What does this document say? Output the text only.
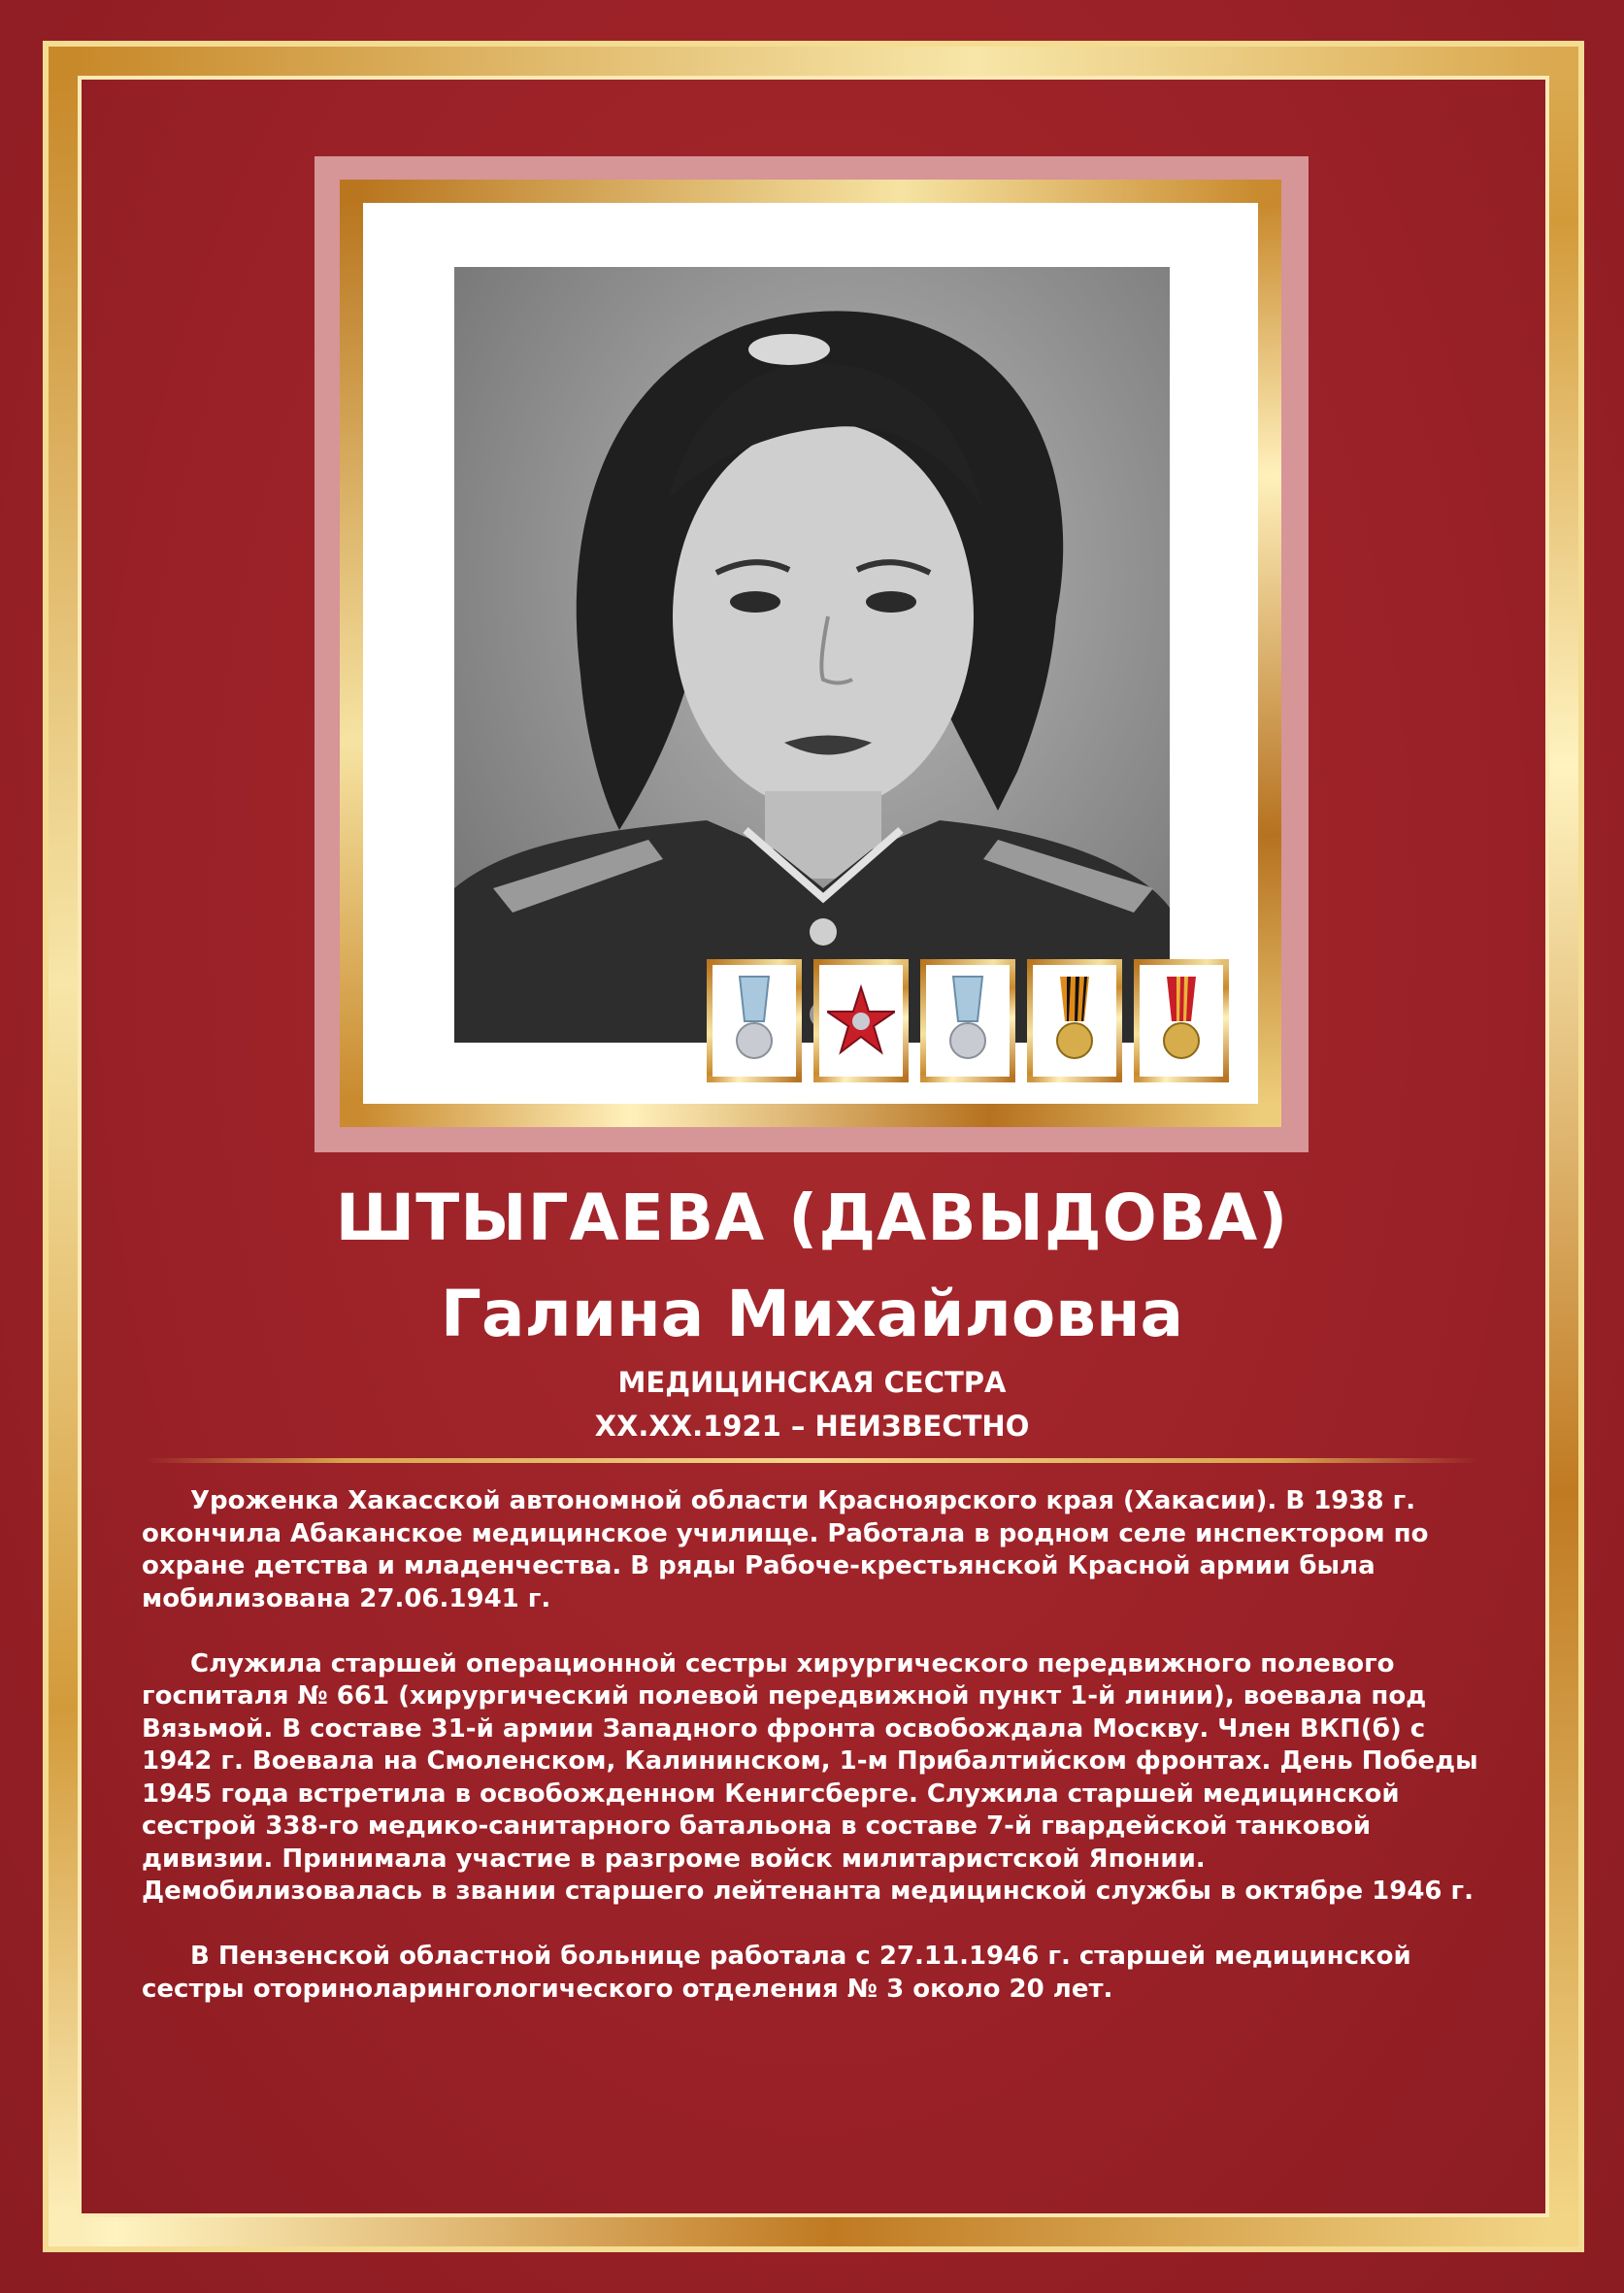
ШТЫГАЕВА (ДАВЫДОВА)
Галина Михайловна
МЕДИЦИНСКАЯ СЕСТРА
XX.XX.1921 – НЕИЗВЕСТНО

Уроженка Хакасской автономной области Красноярского края (Хакасии). В 1938 г. окончила Абаканское медицинское училище. Работала в родном селе инспектором по охране детства и младенчества. В ряды Рабоче-крестьянской Красной армии была мобилизована 27.06.1941 г.

Служила старшей операционной сестры хирургического передвижного полевого госпиталя № 661 (хирургический полевой передвижной пункт 1-й линии), воевала под Вязьмой. В составе 31-й армии Западного фронта освобождала Москву. Член ВКП(б) с 1942 г. Воевала на Смоленском, Калининском, 1-м Прибалтийском фронтах. День Победы 1945 года встретила в освобожденном Кенигсберге. Служила старшей медицинской сестрой 338-го медико-санитарного батальона в составе 7-й гвардейской танковой дивизии. Принимала участие в разгроме войск милитаристской Японии. Демобилизовалась в звании старшего лейтенанта медицинской службы в октябре 1946 г.

В Пензенской областной больнице работала с 27.11.1946 г. старшей медицинской сестры оториноларингологического отделения № 3 около 20 лет.
